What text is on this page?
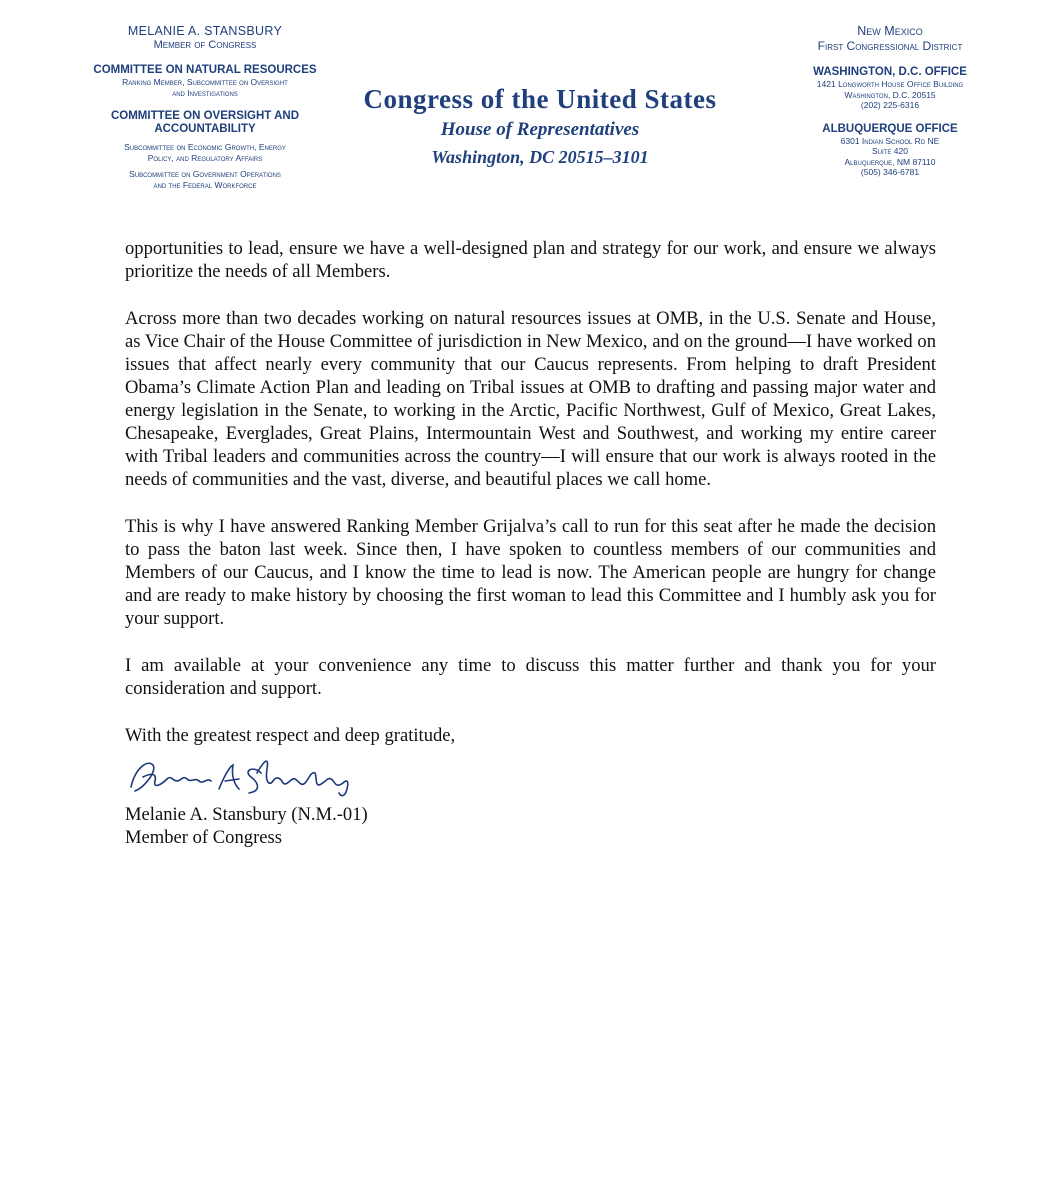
MELANIE A. STANSBURY
Member of Congress
COMMITTEE ON NATURAL RESOURCES
Ranking Member, Subcommittee on Oversight
and Investigations
COMMITTEE ON OVERSIGHT AND
ACCOUNTABILITY
Subcommittee on Economic Growth, Energy
Policy, and Regulatory Affairs
Subcommittee on Government Operations
and the Federal Workforce
Congress of the United States
House of Representatives
Washington, DC 20515–3101
New Mexico
First Congressional District
WASHINGTON, D.C. OFFICE
1421 Longworth House Office Building
Washington, D.C. 20515
(202) 225-6316
ALBUQUERQUE OFFICE
6301 Indian School Rd NE
Suite 420
Albuquerque, NM 87110
(505) 346-6781

opportunities to lead, ensure we have a well-designed plan and strategy for our work, and ensure we always prioritize the needs of all Members.

Across more than two decades working on natural resources issues at OMB, in the U.S. Senate and House, as Vice Chair of the House Committee of jurisdiction in New Mexico, and on the ground—I have worked on issues that affect nearly every community that our Caucus represents. From helping to draft President Obama’s Climate Action Plan and leading on Tribal issues at OMB to drafting and passing major water and energy legislation in the Senate, to working in the Arctic, Pacific Northwest, Gulf of Mexico, Great Lakes, Chesapeake, Everglades, Great Plains, Intermountain West and Southwest, and working my entire career with Tribal leaders and communities across the country—I will ensure that our work is always rooted in the needs of communities and the vast, diverse, and beautiful places we call home.

This is why I have answered Ranking Member Grijalva’s call to run for this seat after he made the decision to pass the baton last week. Since then, I have spoken to countless members of our communities and Members of our Caucus, and I know the time to lead is now. The American people are hungry for change and are ready to make history by choosing the first woman to lead this Committee and I humbly ask you for your support.

I am available at your convenience any time to discuss this matter further and thank you for your consideration and support.

With the greatest respect and deep gratitude,
Melanie A. Stansbury (N.M.-01)
Member of Congress
